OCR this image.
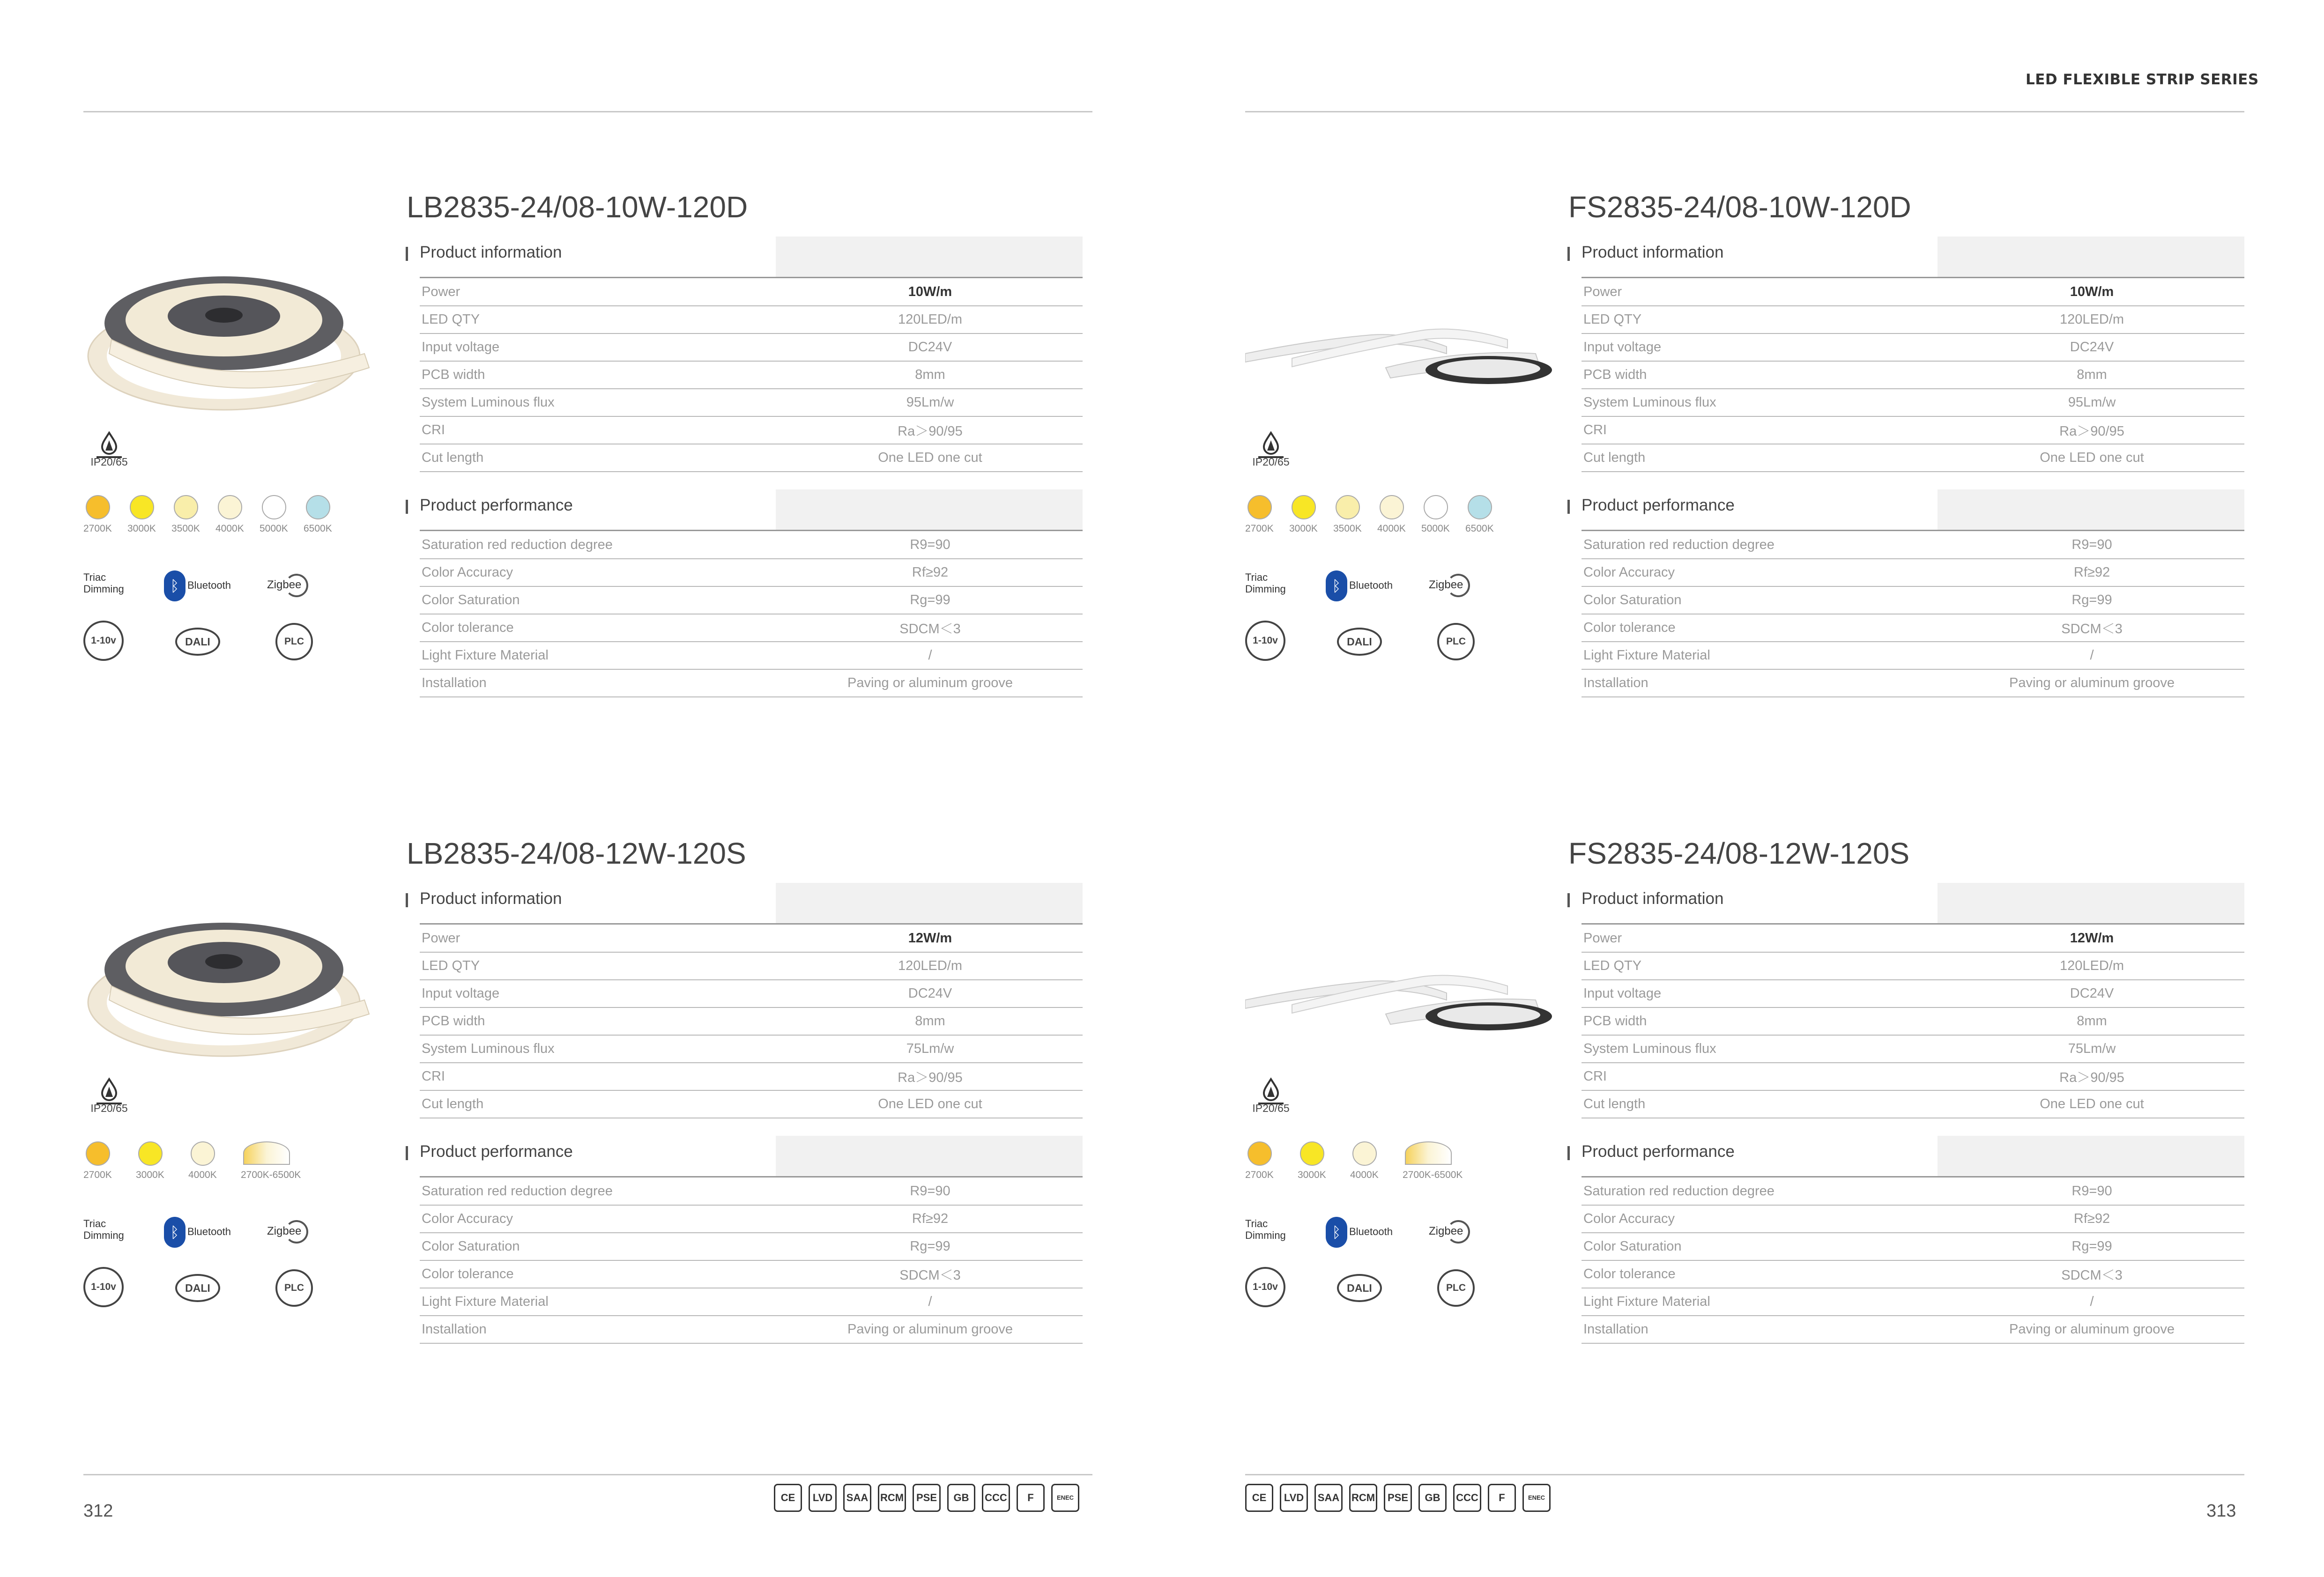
LED FLEXIBLE STRIP SERIES
312	313
CE	LVD	SAA	RCM	PSE	GB	CCC	F	ENEC	CE	LVD	SAA	RCM	PSE	GB	CCC	F	ENEC
LB2835-24/08-10W-120D
IP20/65
2700K 3000K 3500K 4000K 5000K 6500K
Triac
Dimming	ᛒ Bluetooth	Zigbee
1-10v	DALI	PLC
Product information
Power	10W/m
LED QTY	120LED/m
Input voltage	DC24V
PCB width	8mm
System Luminous flux	95Lm/w
CRI	Ra＞90/95
Cut length	One LED one cut
Product performance
Saturation red reduction degree	R9=90
Color Accuracy	Rf≥92
Color Saturation	Rg=99
Color tolerance	SDCM＜3
Light Fixture Material	/
Installation	Paving or aluminum groove
FS2835-24/08-10W-120D
IP20/65
2700K 3000K 3500K 4000K 5000K 6500K
Triac
Dimming	ᛒ Bluetooth	Zigbee
1-10v	DALI	PLC
Product information
Power	10W/m
LED QTY	120LED/m
Input voltage	DC24V
PCB width	8mm
System Luminous flux	95Lm/w
CRI	Ra＞90/95
Cut length	One LED one cut
Product performance
Saturation red reduction degree	R9=90
Color Accuracy	Rf≥92
Color Saturation	Rg=99
Color tolerance	SDCM＜3
Light Fixture Material	/
Installation	Paving or aluminum groove
LB2835-24/08-12W-120S
IP20/65
2700K 3000K 4000K 2700K-6500K
Triac
Dimming	ᛒ Bluetooth	Zigbee
1-10v	DALI	PLC
Product information
Power	12W/m
LED QTY	120LED/m
Input voltage	DC24V
PCB width	8mm
System Luminous flux	75Lm/w
CRI	Ra＞90/95
Cut length	One LED one cut
Product performance
Saturation red reduction degree	R9=90
Color Accuracy	Rf≥92
Color Saturation	Rg=99
Color tolerance	SDCM＜3
Light Fixture Material	/
Installation	Paving or aluminum groove
FS2835-24/08-12W-120S
IP20/65
2700K 3000K 4000K 2700K-6500K
Triac
Dimming	ᛒ Bluetooth	Zigbee
1-10v	DALI	PLC
Product information
Power	12W/m
LED QTY	120LED/m
Input voltage	DC24V
PCB width	8mm
System Luminous flux	75Lm/w
CRI	Ra＞90/95
Cut length	One LED one cut
Product performance
Saturation red reduction degree	R9=90
Color Accuracy	Rf≥92
Color Saturation	Rg=99
Color tolerance	SDCM＜3
Light Fixture Material	/
Installation	Paving or aluminum groove
